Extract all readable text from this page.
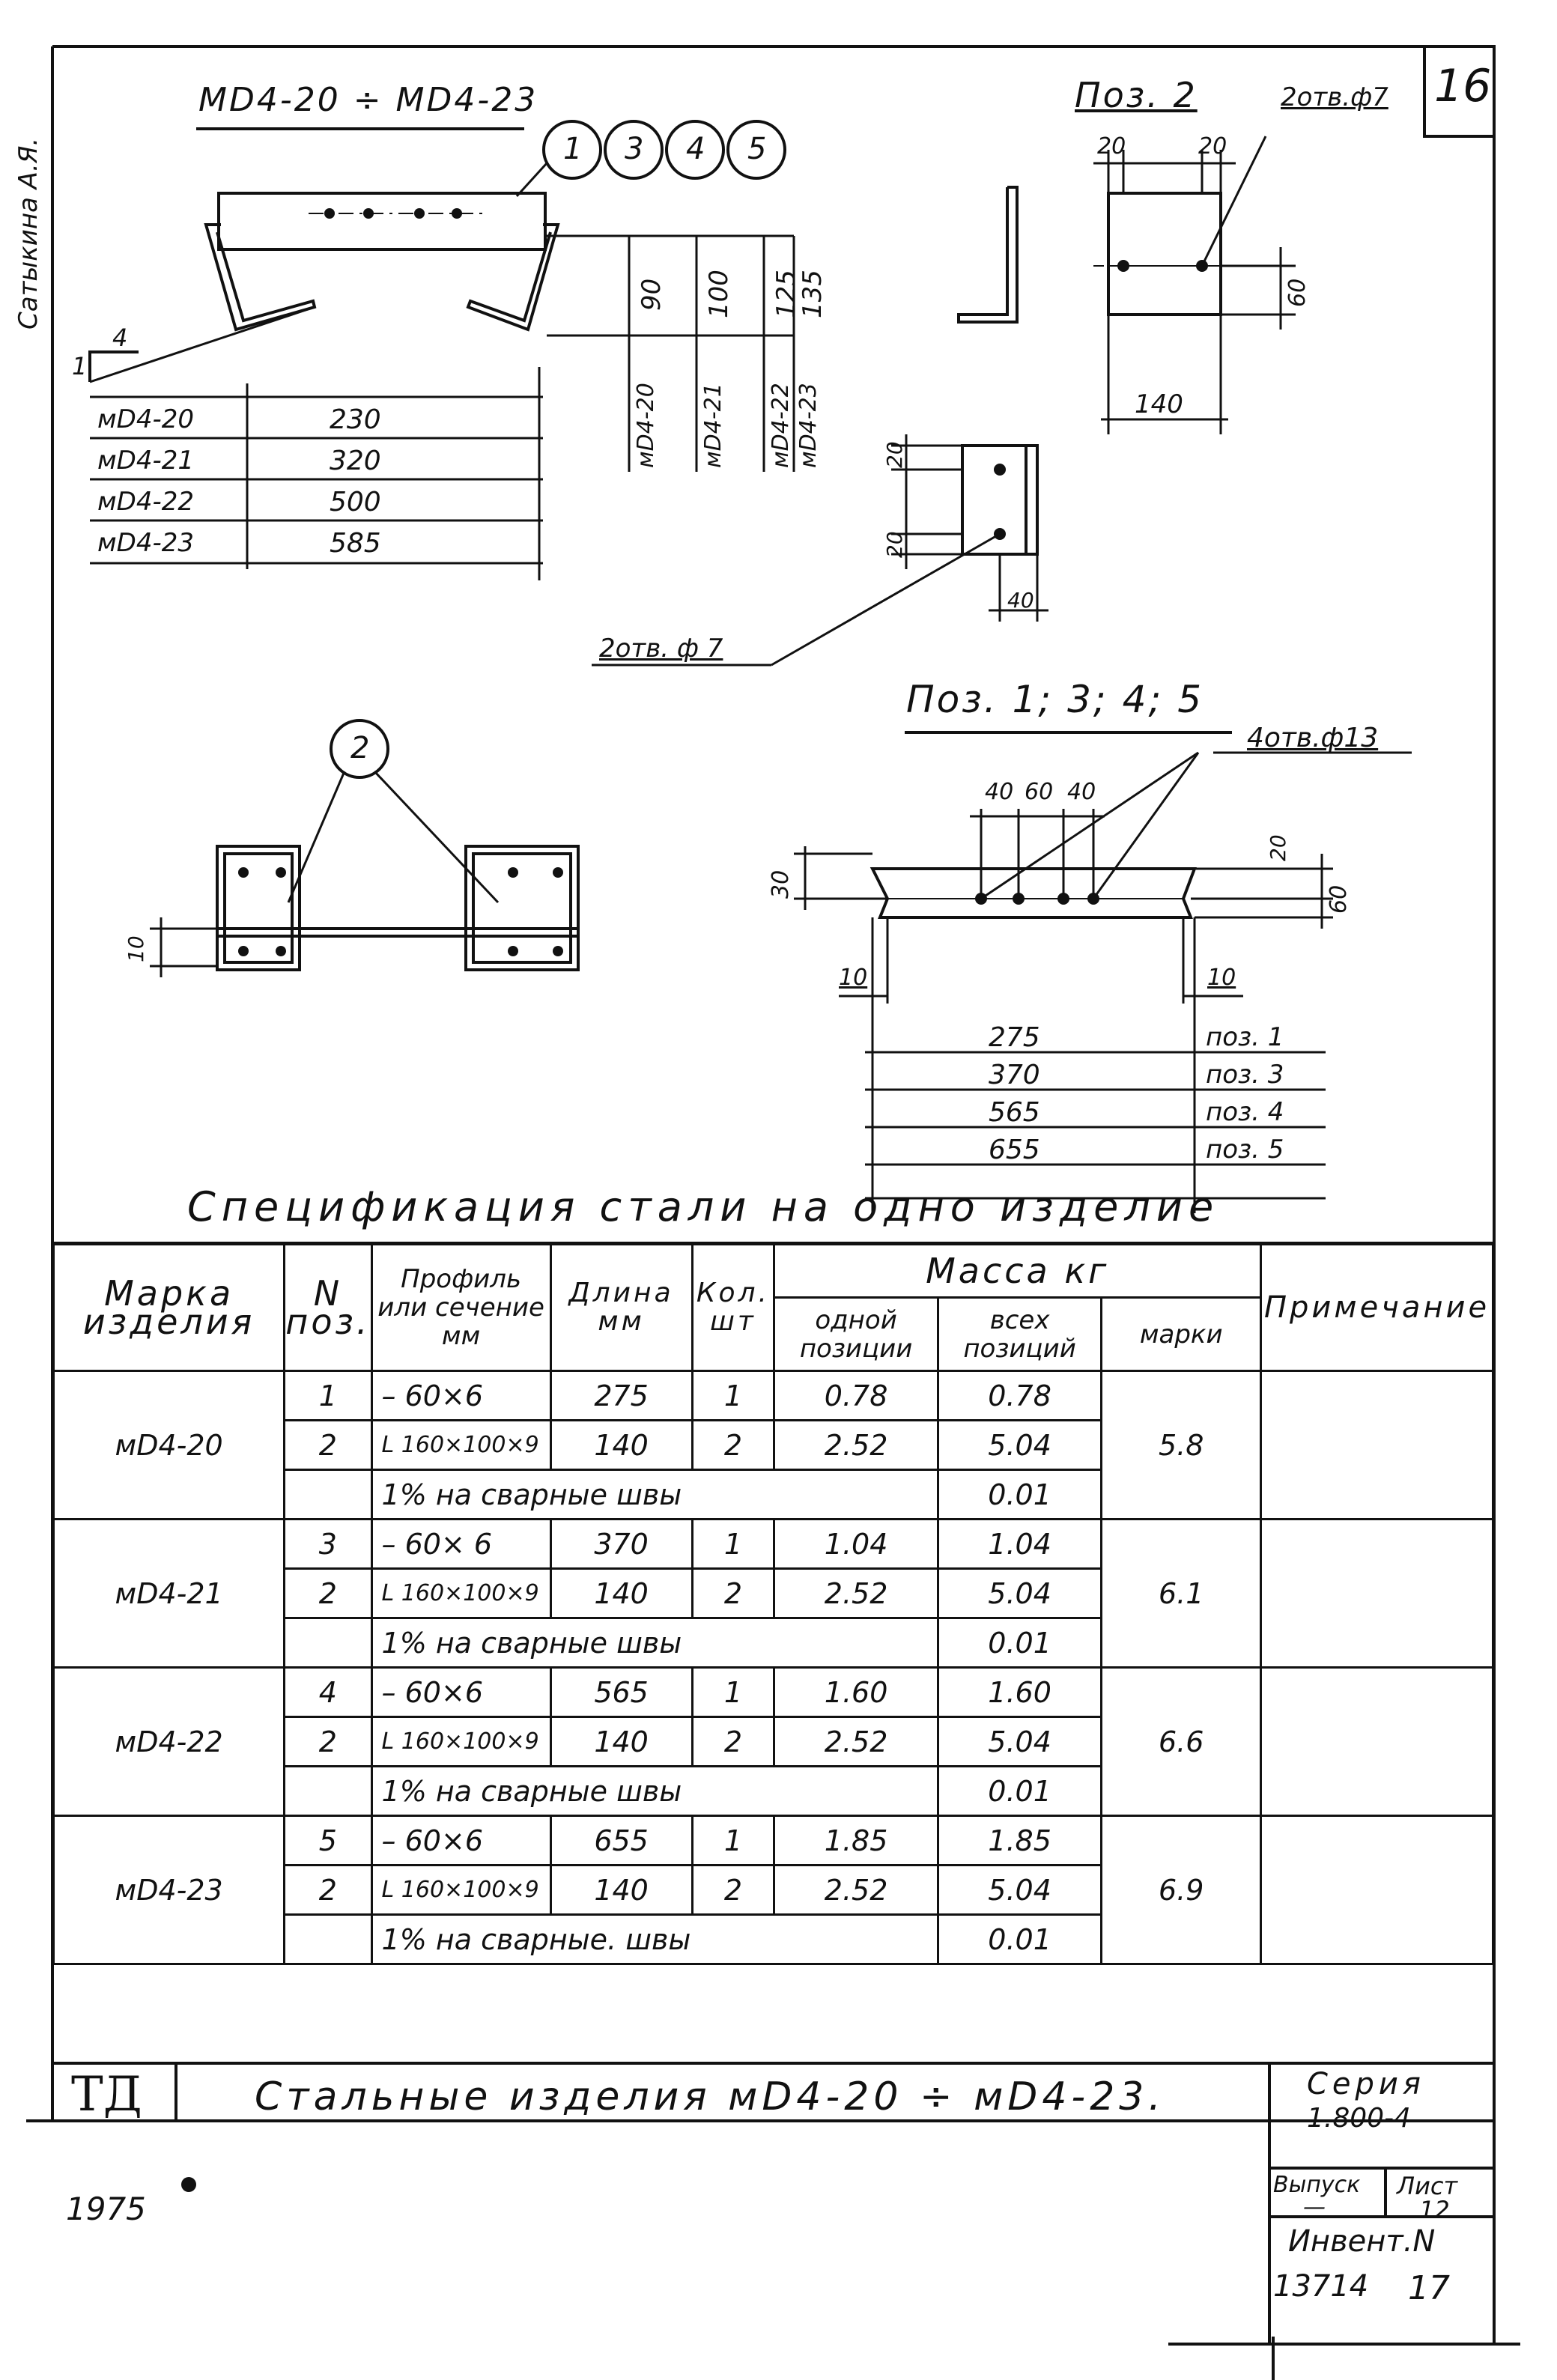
16
Сатыкина А.Я.
МD4-20 ÷ МD4-23
1 3 4 5
4
1
90 100 125
135
мD4-20 мD4-21 мD4-22 мD4-23
мD4-20	230
мD4-21	320
мD4-22	500
мD4-23	585
Поз. 2	2отв.ф7
20	20
60
140
20
20
40
2отв. ф 7
2
10
Поз. 1; 3; 4; 5
4отв.ф13
40 60 40
30
20
60
10	10
275	поз. 1
370	поз. 3
565	поз. 4
655	поз. 5
Спецификация стали на одно изделие
Марка изделия	N поз.	Профиль или сечение мм	Длина мм	Кол. шт	Масса кг			Примечание
					одной позиции	всех позиций	марки	
мD4-20	1	– 60×6	275	1	0.78	0.78	5.8	
	2	L 160×100×9	140	2	2.52	5.04		
		1% на сварные швы				0.01		
мD4-21	3	– 60× 6	370	1	1.04	1.04	6.1	
	2	L 160×100×9	140	2	2.52	5.04		
		1% на сварные швы				0.01		
мD4-22	4	– 60×6	565	1	1.60	1.60	6.6	
	2	L 160×100×9	140	2	2.52	5.04		
		1% на сварные швы				0.01		
мD4-23	5	– 60×6	655	1	1.85	1.85	6.9	
	2	L 160×100×9	140	2	2.52	5.04		
		1% на сварные. швы				0.01		
ТД
1975
Стальные изделия мD4-20 ÷ мD4-23.	Серия
1.800-4
Выпуск
—
Лист
12
Инвент.N
13714 17
